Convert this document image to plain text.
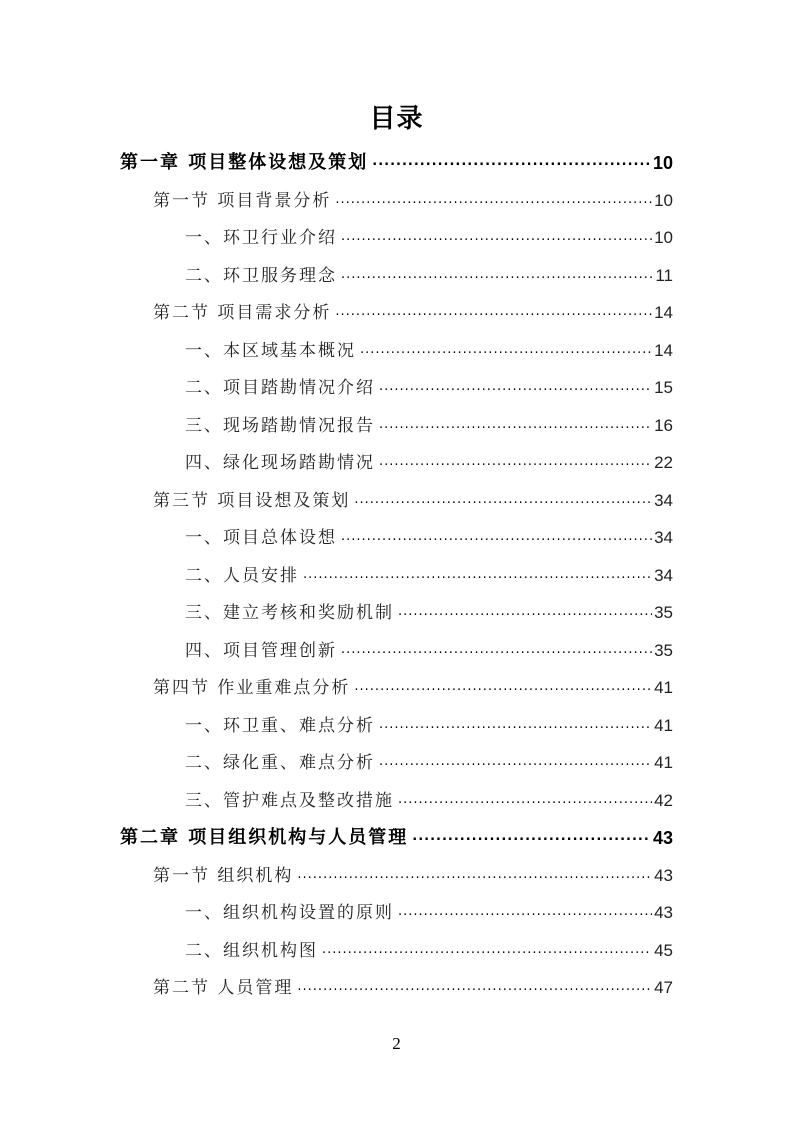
目录
第一章 项目整体设想及策划 .....	10
第一节 项目背景分析 .....	10
一、环卫行业介绍 .....	10
二、环卫服务理念 .....	11
第二节 项目需求分析 .....	14
一、本区域基本概况 .....	14
二、项目踏勘情况介绍 .....	15
三、现场踏勘情况报告 .....	16
四、绿化现场踏勘情况 .....	22
第三节 项目设想及策划 .....	34
一、项目总体设想 .....	34
二、人员安排 .....	34
三、建立考核和奖励机制 .....	35
四、项目管理创新 .....	35
第四节 作业重难点分析 .....	41
一、环卫重、难点分析 .....	41
二、绿化重、难点分析 .....	41
三、管护难点及整改措施 .....	42
第二章 项目组织机构与人员管理 .....	43
第一节 组织机构 .....	43
一、组织机构设置的原则 .....	43
二、组织机构图 .....	45
第二节 人员管理 .....	47
2
